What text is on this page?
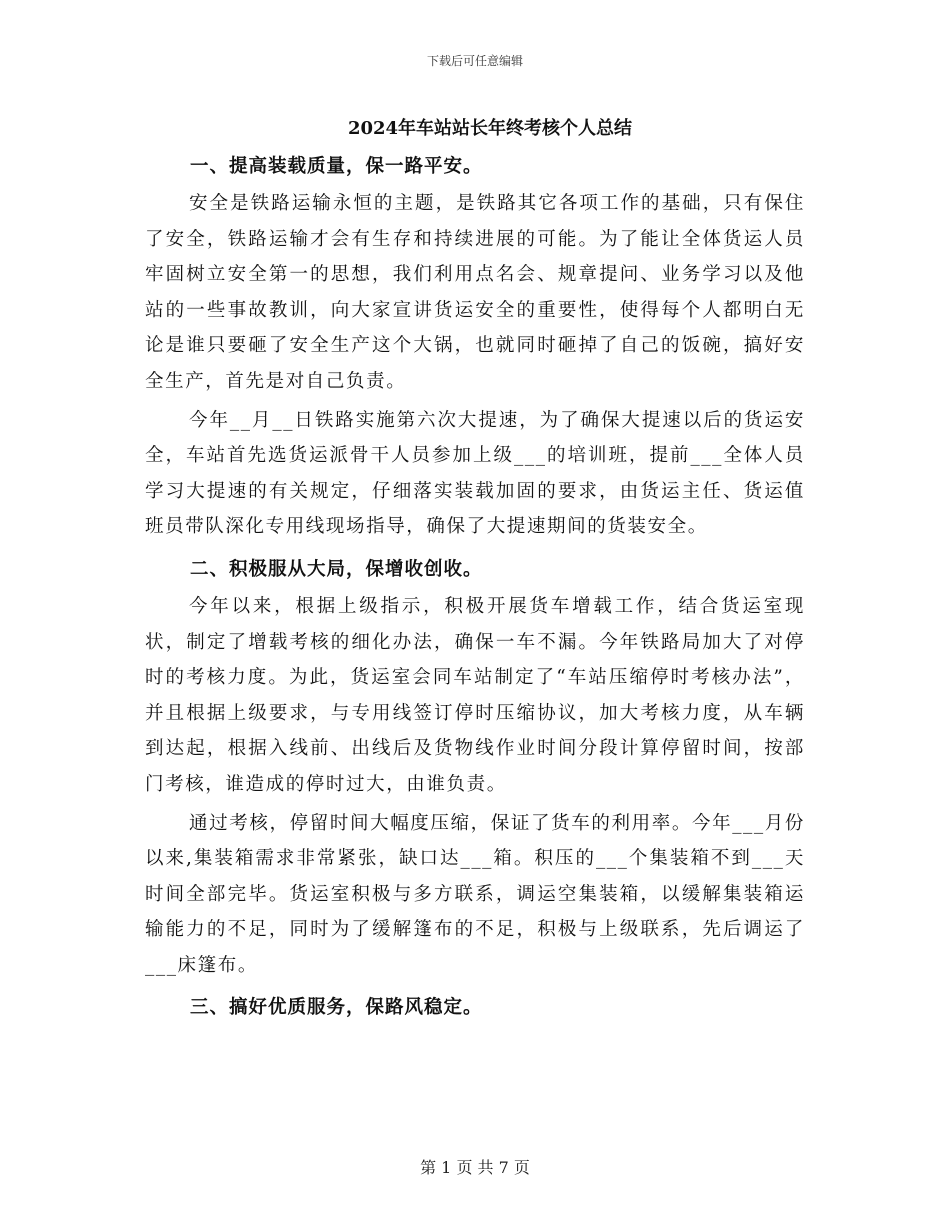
下载后可任意编辑
2024年车站站长年终考核个人总结
一、提高装载质量，保一路平安。

安全是铁路运输永恒的主题，是铁路其它各项工作的基础，只有保住了安全，铁路运输才会有生存和持续进展的可能。为了能让全体货运人员牢固树立安全第一的思想，我们利用点名会、规章提问、业务学习以及他站的一些事故教训，向大家宣讲货运安全的重要性，使得每个人都明白无论是谁只要砸了安全生产这个大锅，也就同时砸掉了自己的饭碗，搞好安全生产，首先是对自己负责。

今年__月__日铁路实施第六次大提速，为了确保大提速以后的货运安全，车站首先选货运派骨干人员参加上级___的培训班，提前___全体人员学习大提速的有关规定，仔细落实装载加固的要求，由货运主任、货运值班员带队深化专用线现场指导，确保了大提速期间的货装安全。

二、积极服从大局，保增收创收。

今年以来，根据上级指示，积极开展货车增载工作，结合货运室现状，制定了增载考核的细化办法，确保一车不漏。今年铁路局加大了对停时的考核力度。为此，货运室会同车站制定了“车站压缩停时考核办法”，并且根据上级要求，与专用线签订停时压缩协议，加大考核力度，从车辆到达起，根据入线前、出线后及货物线作业时间分段计算停留时间，按部门考核，谁造成的停时过大，由谁负责。

通过考核，停留时间大幅度压缩，保证了货车的利用率。今年___月份以来,集装箱需求非常紧张，缺口达___箱。积压的___个集装箱不到___天时间全部完毕。货运室积极与多方联系，调运空集装箱，以缓解集装箱运输能力的不足，同时为了缓解篷布的不足，积极与上级联系，先后调运了___床篷布。

三、搞好优质服务，保路风稳定。
第 1 页 共 7 页
